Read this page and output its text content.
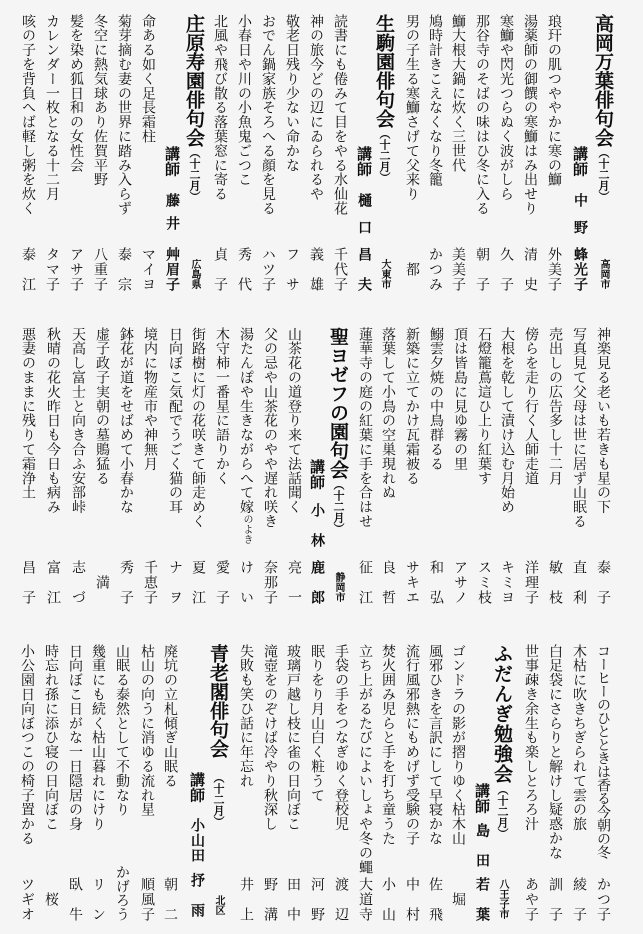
高岡万葉俳句会（十二月）
高岡市
講師
中野
蜂光子
琅玕の肌つややかに寒の鰤
外美子
湯薬師の御饌の寒鰤はみ出せり
清史
寒鰤や閃光つらぬく波がしら
久子
那谷寺のそばの味はひ冬に入る
朝子
鰤大根大鍋に炊く三世代
美美子
鳩時計きこえなくなり冬籠
かつみ
男の子生る寒鰤さげて父来り
都
生駒園俳句会（十二月）
大東市
講師
樋口
昌夫
読書にも倦みて目をやる水仙花
千代子
神の旅今どの辺にゐられるや
義雄
敬老日残り少ない命かな
フサ
おでん鍋家族そろへる顔を見る
ハツ子
小春日や川の小魚鬼ごつこ
秀代
北風や飛び散る落葉窓に寄る
貞子
庄原寿園俳句会（十二月）
広島県
講師
藤井
艸眉子
命ある如く足長霜柱
マイヨ
菊芽摘む妻の世界に踏み入らず
泰宗
冬空に熱気球あり佐賀平野
八重子
髪を染め狐日和の女性会
アサ子
カレンダー一枚となる十二月
タマ子
咳の子を背負へば軽し粥を炊く
泰江
神楽見る老いも若きも星の下
泰子
写真見て父母は世に居ず山眠る
直利
売出しの広告多し十二月
敏枝
傍らを走り行く人師走道
洋理子
大根を乾して漬け込む月始め
キミヨ
石燈籠蔦這ひ上り紅葉す
スミ枝
頂は皆島に見ゆ霧の里
アサノ
鰯雲夕焼の中鳥群るる
和弘
新築に立てかけ瓦霜被る
サキエ
落葉して小鳥の空巣現れぬ
良哲
蓮華寺の庭の紅葉に手を合はせ
征江
聖ヨゼフの園句会（十二月）
静岡市
講師
小林
鹿郎
山茶花の道登り来て法話聞く
亮一
父の忌や山茶花のやや遅れ咲き
奈那子
湯たんぽや生きながらへて嫁のよき
けい
木守柿一番星に語りかく
愛子
街路樹に灯の花咲きて師走めく
夏江
日向ぼこ気配でうごく猫の耳
ナヲ
境内に物産市や神無月
千恵子
鉢花が道をせばめて小春かな
秀子
虚子政子実朝の墓鵙猛る
満
天高し富士と向き合ふ安部峠
志づ
秋晴の花火昨日も今日も病み
富江
悪妻のままに残りて霜浄土
昌子
コーヒーのひとときは香る今朝の冬
かつ子
木枯に吹きちぎられて雲の旅
綾子
白足袋にさらりと解けし疑惑かな
訓子
世事疎き余生も楽しとろろ汁
あや子
ふだんぎ勉強会（十二月）
八王子市
講師
島田
若葉
ゴンドラの影が摺りゆく枯木山
堀
風邪ひきを言訳にして早寝かな
佐飛
流行風邪熱にもめげず受験の子
中村
焚火囲み児らと手を打ち童うた
小山
立ち上がるたびによいしょや冬の蠅
大道寺
手袋の手をつなぎゆく登校児
渡辺
眠りをり月山白く粧うて
河野
玻璃戸越し枝に雀の日向ぼこ
田中
滝壺をのぞけば冷やり秋深し
野溝
失敗も笑ひ話に年忘れ
井上
青老閣俳句会（十二月）
北区
講師
小山田
抒雨
廃坑の立札傾ぎ山眠る
朝二
枯山の向うに消ゆる流れ星
順風子
山眠る泰然として不動なり
かげろう
幾重にも続く枯山暮れにけり
リン
日向ぼこ日がな一日隠居の身
臥牛
時忘れ孫に添ひ寝の日向ぼこ
桜
小公園日向ぼつこの椅子置かる
ツギオ
